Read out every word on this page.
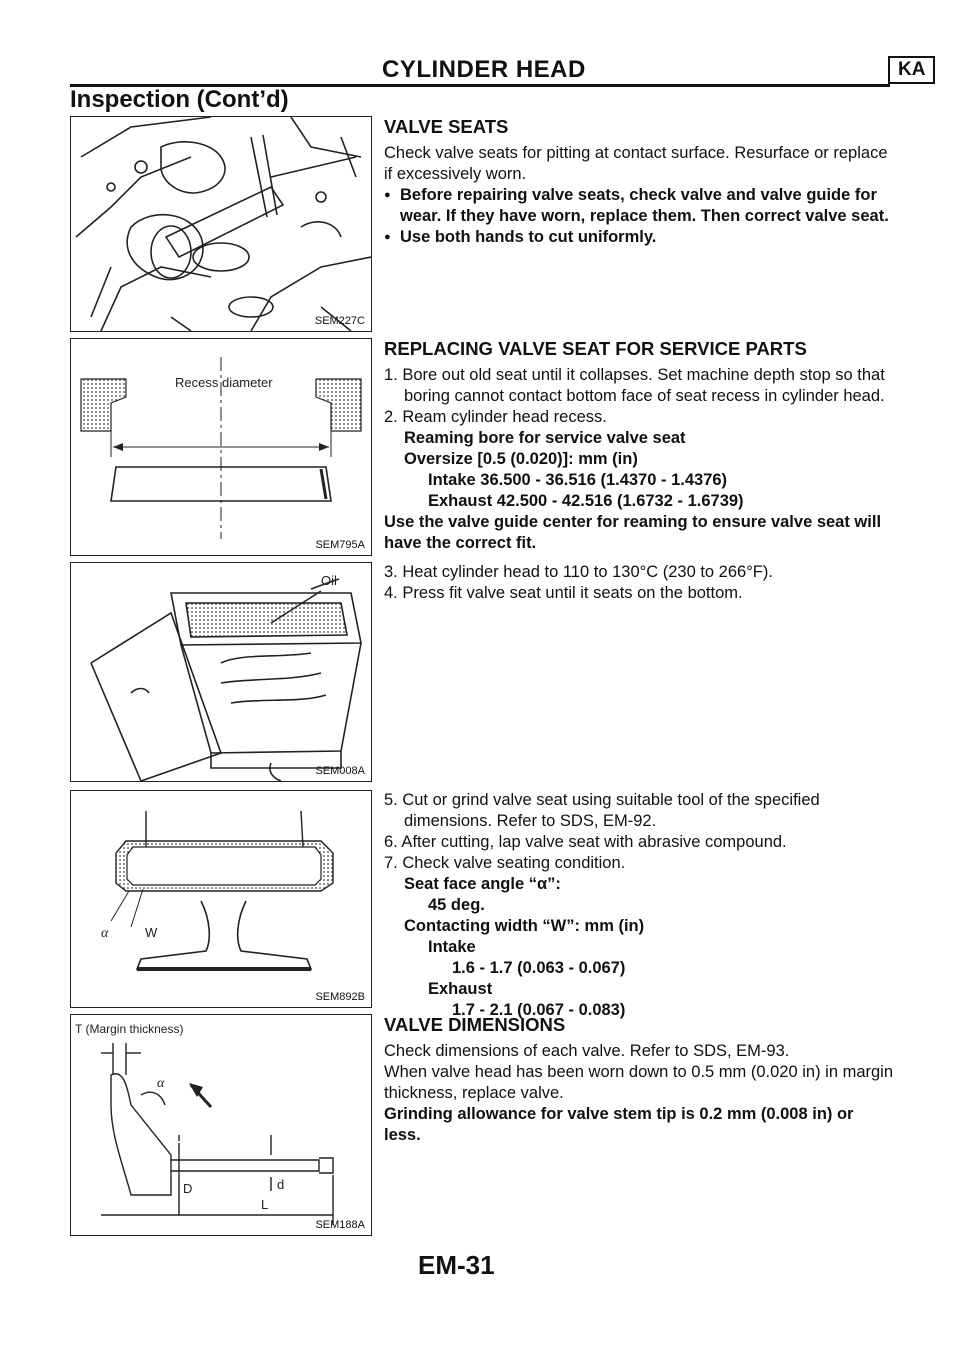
CYLINDER HEAD	KA
Inspection (Cont’d)
SEM227C
Recess diameter
SEM795A
Oil
SEM008A
α	W
SEM892B
T (Margin thickness)
α
D	d
L
SEM188A
VALVE SEATS

Check valve seats for pitting at contact surface. Resurface or replace if excessively worn.

● Before repairing valve seats, check valve and valve guide for wear. If they have worn, replace them. Then correct valve seat.

● Use both hands to cut uniformly.

REPLACING VALVE SEAT FOR SERVICE PARTS

1. Bore out old seat until it collapses. Set machine depth stop so that boring cannot contact bottom face of seat recess in cylinder head.

2. Ream cylinder head recess.

Reaming bore for service valve seat

Oversize [0.5 (0.020)]: mm (in)

Intake 36.500 - 36.516 (1.4370 - 1.4376)

Exhaust 42.500 - 42.516 (1.6732 - 1.6739)

Use the valve guide center for reaming to ensure valve seat will have the correct fit.

3. Heat cylinder head to 110 to 130°C (230 to 266°F).

4. Press fit valve seat until it seats on the bottom.

5. Cut or grind valve seat using suitable tool of the specified dimensions. Refer to SDS, EM-92.

6. After cutting, lap valve seat with abrasive compound.

7. Check valve seating condition.

Seat face angle “α”:

45 deg.

Contacting width “W”: mm (in)

Intake

1.6 - 1.7 (0.063 - 0.067)

Exhaust

1.7 - 2.1 (0.067 - 0.083)

VALVE DIMENSIONS

Check dimensions of each valve. Refer to SDS, EM-93.

When valve head has been worn down to 0.5 mm (0.020 in) in margin thickness, replace valve.

Grinding allowance for valve stem tip is 0.2 mm (0.008 in) or less.

EM-31
